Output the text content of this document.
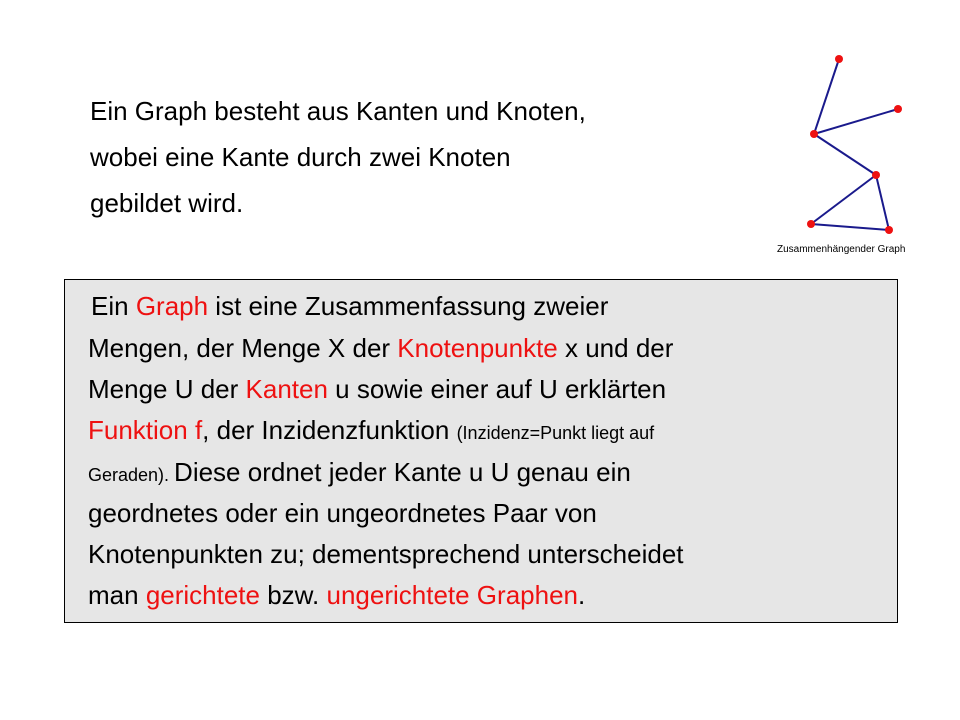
Ein Graph besteht aus Kanten und Knoten,
wobei eine Kante durch zwei Knoten
gebildet wird.
Zusammenhängender Graph
Ein Graph ist eine Zusammenfassung zweier
Mengen, der Menge X der Knotenpunkte x und der
Menge U der Kanten u sowie einer auf U erklärten
Funktion f, der Inzidenzfunktion (Inzidenz=Punkt liegt auf
Geraden). Diese ordnet jeder Kante u U genau ein
geordnetes oder ein ungeordnetes Paar von
Knotenpunkten zu; dementsprechend unterscheidet
man gerichtete bzw. ungerichtete Graphen.
